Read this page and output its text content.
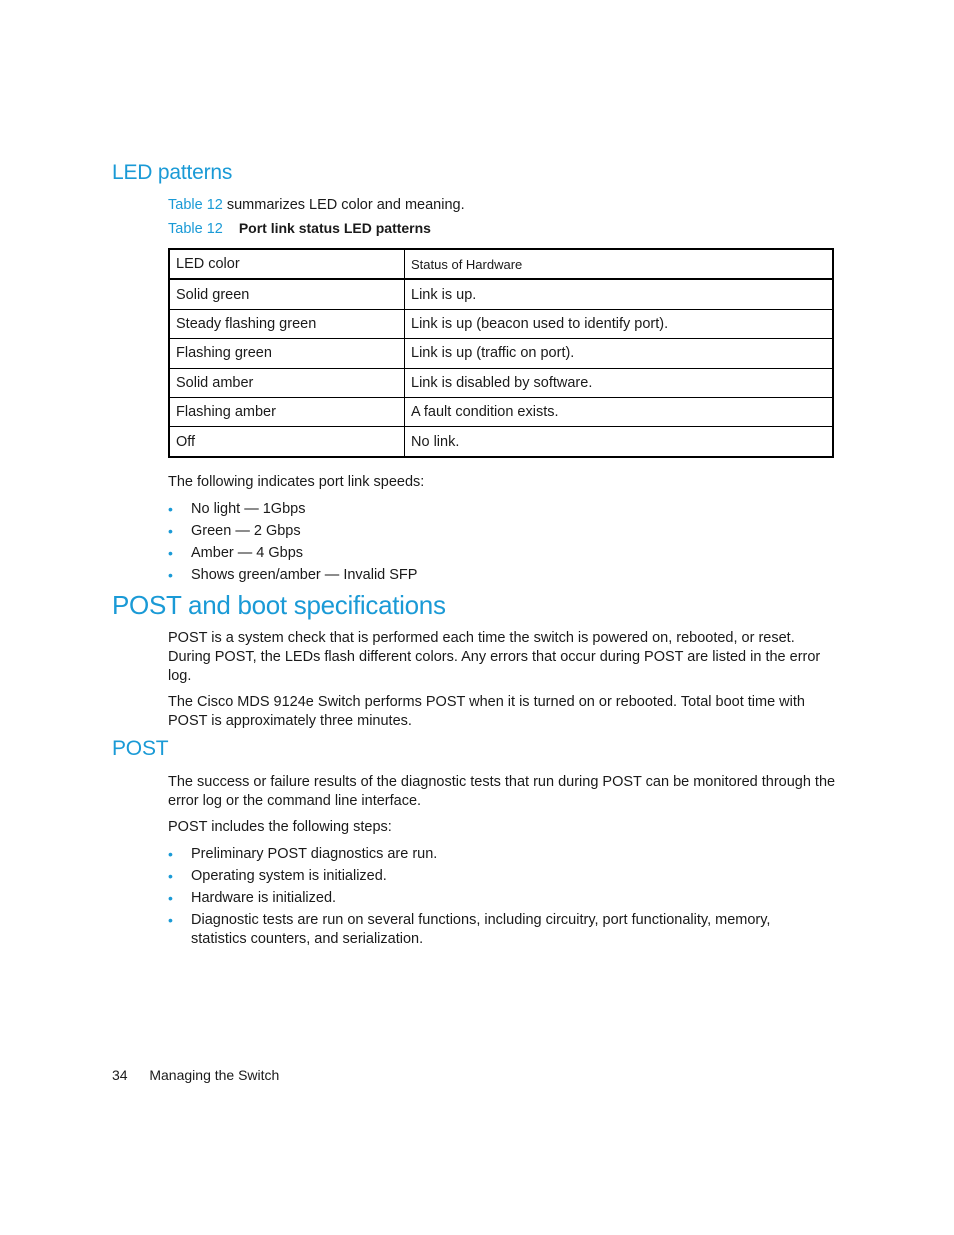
LED patterns

Table 12 summarizes LED color and meaning.

Table 12 Port link status LED patterns

LED color	Status of Hardware
Solid green	Link is up.
Steady flashing green	Link is up (beacon used to identify port).
Flashing green	Link is up (traffic on port).
Solid amber	Link is disabled by software.
Flashing amber	A fault condition exists.
Off	No link.

The following indicates port link speeds:

• No light — 1Gbps
• Green — 2 Gbps
• Amber — 4 Gbps
• Shows green/amber — Invalid SFP
POST and boot specifications

POST is a system check that is performed each time the switch is powered on, rebooted, or reset. During POST, the LEDs flash different colors. Any errors that occur during POST are listed in the error log.

The Cisco MDS 9124e Switch performs POST when it is turned on or rebooted. Total boot time with POST is approximately three minutes.

POST

The success or failure results of the diagnostic tests that run during POST can be monitored through the error log or the command line interface.

POST includes the following steps:

• Preliminary POST diagnostics are run.
• Operating system is initialized.
• Hardware is initialized.
• Diagnostic tests are run on several functions, including circuitry, port functionality, memory, statistics counters, and serialization.
34 Managing the Switch
